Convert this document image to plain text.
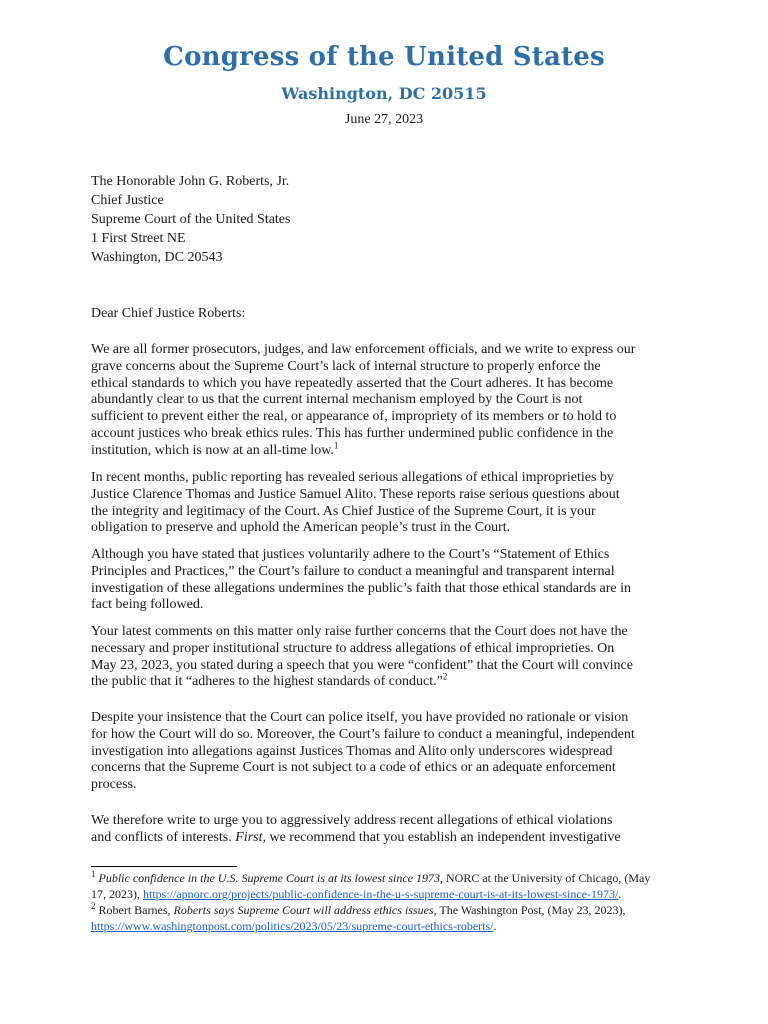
Congress of the United States
Washington, DC 20515
June 27, 2023
The Honorable John G. Roberts, Jr.
Chief Justice
Supreme Court of the United States
1 First Street NE
Washington, DC 20543
Dear Chief Justice Roberts:
We are all former prosecutors, judges, and law enforcement officials, and we write to express our
grave concerns about the Supreme Court’s lack of internal structure to properly enforce the
ethical standards to which you have repeatedly asserted that the Court adheres. It has become
abundantly clear to us that the current internal mechanism employed by the Court is not
sufficient to prevent either the real, or appearance of, impropriety of its members or to hold to
account justices who break ethics rules. This has further undermined public confidence in the
institution, which is now at an all-time low.$^1$
In recent months, public reporting has revealed serious allegations of ethical improprieties by
Justice Clarence Thomas and Justice Samuel Alito. These reports raise serious questions about
the integrity and legitimacy of the Court. As Chief Justice of the Supreme Court, it is your
obligation to preserve and uphold the American people’s trust in the Court.
Although you have stated that justices voluntarily adhere to the Court’s “Statement of Ethics
Principles and Practices,” the Court’s failure to conduct a meaningful and transparent internal
investigation of these allegations undermines the public’s faith that those ethical standards are in
fact being followed.
Your latest comments on this matter only raise further concerns that the Court does not have the
necessary and proper institutional structure to address allegations of ethical improprieties. On
May 23, 2023, you stated during a speech that you were “confident” that the Court will convince
the public that it “adheres to the highest standards of conduct.”$^2$
Despite your insistence that the Court can police itself, you have provided no rationale or vision
for how the Court will do so. Moreover, the Court’s failure to conduct a meaningful, independent
investigation into allegations against Justices Thomas and Alito only underscores widespread
concerns that the Supreme Court is not subject to a code of ethics or an adequate enforcement
process.
We therefore write to urge you to aggressively address recent allegations of ethical violations
and conflicts of interests. First, we recommend that you establish an independent investigative
$^1$ Public confidence in the U.S. Supreme Court is at its lowest since 1973, NORC at the University of Chicago, (May
17, 2023), https://apnorc.org/projects/public-confidence-in-the-u-s-supreme-court-is-at-its-lowest-since-1973/.
$^2$ Robert Barnes, Roberts says Supreme Court will address ethics issues, The Washington Post, (May 23, 2023),
https://www.washingtonpost.com/politics/2023/05/23/supreme-court-ethics-roberts/.
